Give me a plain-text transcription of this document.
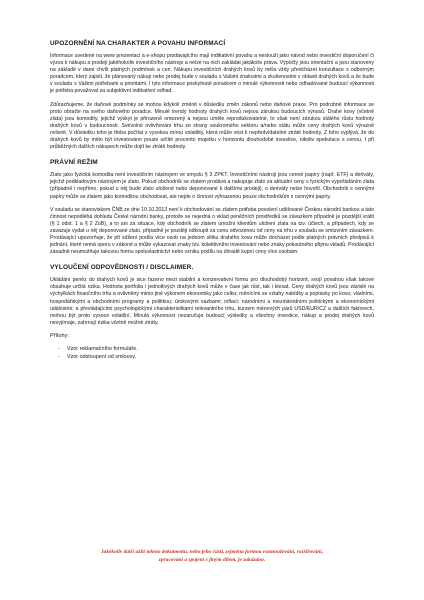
UPOZORNĚNÍ NA CHARAKTER A POVAHU INFORMACÍ

Informace uvedené na www prezentaci a e-shopu prodávajícího mají indikativní povahu a neslouží jako návod nebo investiční doporučení či výzva k nákupu a prodeji jakéhokoliv investičního nástroje a nelze na nich zakládat jakákoliv práva. Výpočty jsou orientační a jsou stanoveny na základě v dané chvíli platných podmínek a cen. Nákupu investičních drahých kovů by měla vždy předcházet konzultace s odborným poradcem, který zajistí, že plánovaný nákup nebo prodej bude v souladu s Vašimi znalostmi a zkušenostmi v oblasti drahých kovů a že bude v souladu s Vašimi potřebami a prioritami. I tyto informace poskytnuté poradcem o minulé výkonnosti nebo odhadované budoucí výkonnosti je potřeba považovat za subjektivní indikativní odhad.

Zdůrazňujeme, že daňové podmínky se mohou kdykoli změnit v důsledku změn zákonů nebo daňové praxe. Pro podrobné informace se proto obraťte na svého daňového poradce. Minulé trendy hodnoty drahých kovů nejsou zárukou budoucích výnosů. Drahé kovy (včetně zlata) jsou komodity, jejichž výskyt je přirozeně omezený a nejsou uměle reprodukovatelné, to však není zárukou stálého růstu hodnoty drahých kovů v budoucnosti. Svévolné ovlivňování trhu ze strany soukromého sektoru a/nebo státu může ceny drahých kovů výrazně ovlivnit. V důsledku toho je třeba počítat s vysokou mírou volatility, která může vést k nepředvídatelné ztrátě hodnoty. Z toho vyplývá, že do drahých kovů by mělo být investováno pouze určité procento majetku v horizontu dlouhodobé investice, nikoliv spekulace s cenou. I při průběžných dalších nákupech může dojít ke ztrátě hodnoty.

PRÁVNÍ REŽIM

Zlato jako fyzická komodita není investičním nástrojem ve smyslu § 3 ZPKT. Investičními nástroji jsou cenné papíry (např. ETF) a deriváty, jejichž podkladovým nástrojem je zlato. Pokud obchodník se zlatem prodává a nakupuje zlato za aktuální ceny s fyzickým vypořádáním zlata (případně i nepřímo, pokud u něj bude zlato uložené nebo deponované k dalšímu prodeji), o deriváty nelze hovořit. Obchodník s cennými papíry může se zlatem jako komoditou obchodovat, ale nejde o činnost vyhrazenou pouze obchodníkům s cennými papíry.

V souladu se stanoviskem ČNB ze dne 10.10.2013 není k obchodování se zlatem potřeba povolení udělované Českou národní bankou a tato činnost nepodléhá dohledu České národní banky, protože se nejedná o vklad peněžních prostředků se závazkem případně je pozdější vrátit (§ 1 odst. 1 a § 2 ZoB), a to ani za situace, kdy obchodník se zlatem umožní klientům uložení zlata na tzv. účtech, a případech, kdy se zavazuje vydat u něj deponované zlato, případně je později odkoupit za cenu odvozenou od ceny na trhu v souladu se smluvním závazkem. Prodávající upozorňuje, že při sdílení podílu více osob na jednom slitku drahého kovu může docházet podle platných právních předpisů k jednání, které nemá oporu v zákoně a může vykazovat znaky tzv. kolektivního investování nebo znaky pokoutného přijmu vkladů. Prodávající zásadně neumožňuje takovou formu spoluvlastnictví nebo vzniku podílu na úhradě kupní ceny více osobám.

VYLOUČENÍ ODPOVĚDNOSTI / DISCLAIMER.

Ukládání peněz do drahých kovů je sice řazeno mezi stabilní a konzervativní formu pro dlouhodobý horizont, svojí povahou však takové obsahuje určitá rizika. Hodnota portfolia i jednotlivých drahých kovů může v čase jak růst, tak i klesat. Ceny drahých kovů jsou závislé na výchylkách finančního trhu a ovlivněny mimo jiné výkonem ekonomiky jako celku; měnícími se vztahy nabídky a poptávky po kovu; vládními, hospodářskými a obchodními programy a politikou; úrokovými sazbami; inflací; národními a mezinárodními politickými a ekonomickými událostmi; a převládajícími psychologickými charakteristikami relevantního trhu, kurzem měnových párů USD/EUR/CZ a dalších faktorech, mohou být proto vysoce volatilní. Minulá výkonnost nezaručuje budoucí výsledky a všechny investice, nákup a prodej drahých kovů nevyjímaje, zahrnují rizika včetně možné ztráty.

Přílohy:
- Vzor reklamačního formuláře.
- Vzor odstoupení od smlouvy.
Jakékoliv další užití tohoto dokumentu, nebo jeho části, zejména formou rozmnožování, rozšiřování,
zpracování a spojení s jiným dílem, je zakázáno.
